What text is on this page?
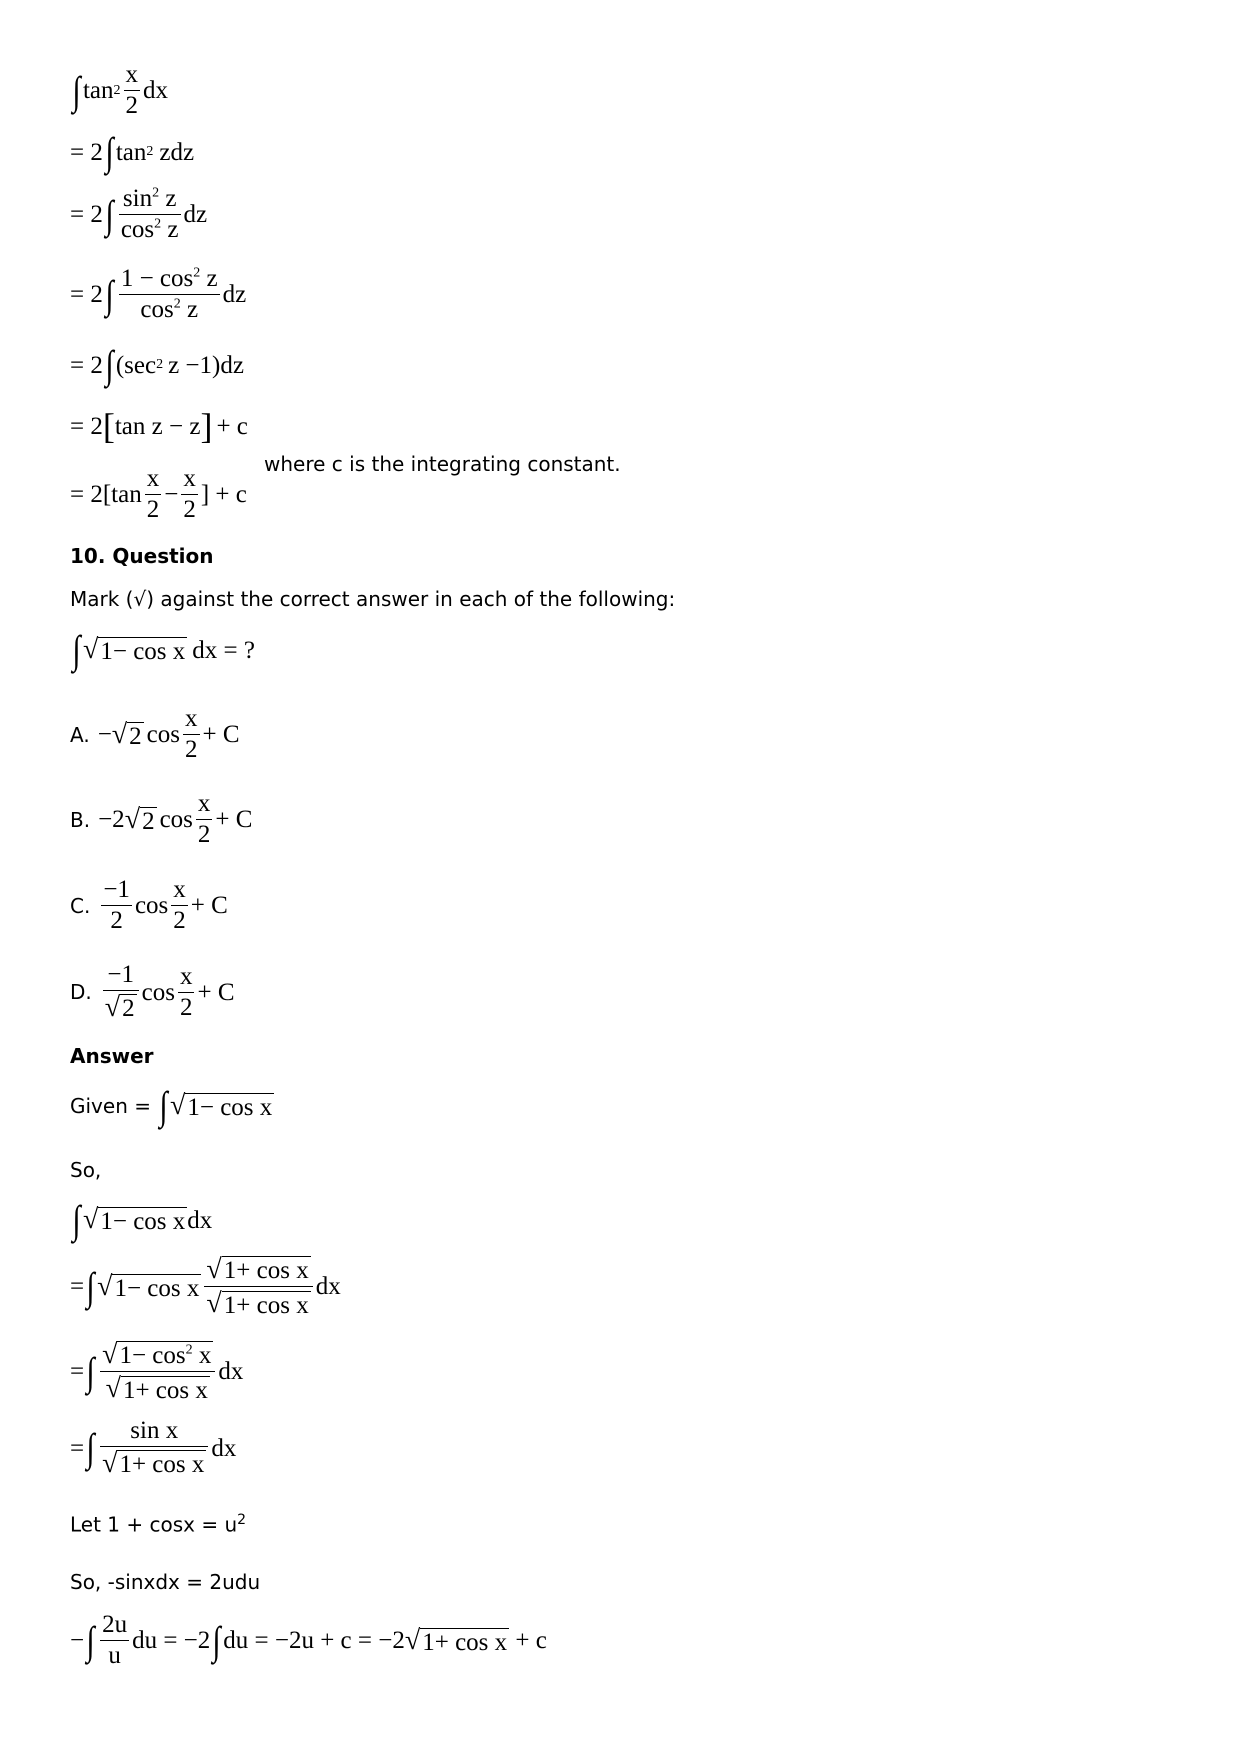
∫ $\tan 2 \frac{x}{2}$ dx
= 2 ∫ tan 2 zdz
= 2 ∫ $\frac{\sin^2 z}{\cos^2 z}$ dz
= 2 ∫ $\frac{1 - \cos^2 z}{\cos^2 z}$ dz
= 2 ∫ (sec 2 z −1)dz
= 2 [ tan z − z ] + c
= $2[\tan \frac{x}{2} - \frac{x}{2}$ ] + c
where c is the integrating constant.
10. Question
Mark (√) against the correct answer in each of the following:
∫ √ 1− cos x dx = ?
A. − √ 2 $\cos \frac{x}{2} + C$
B. −2 √ 2 $\cos \frac{x}{2} + C$
C. $\frac{-1}{2}$ $\cos \frac{x}{2} + C$
D. $\frac{-1}{√ 2}$ $\cos \frac{x}{2} + C$
Answer
Given = ∫ √ 1− cos x
So,
∫ √ 1− cos x dx
= ∫ √ 1− cos x $\frac{\text{√ 1+ cos x}}{\text{√ 1+ cos x}}$ dx
= ∫ $\frac{√ 1- \cos^2 x}{\text{√ 1+ cos x}}$ dx
= ∫ $\frac{\text{sin x}}{\text{√ 1+ cos x}}$ dx
Let $1 + \cos x = u^2$
So, -sinxdx = 2udu
− ∫ $\frac{2u}{u}$ du = −2 ∫ du = −2u + c = −2 √ 1+ cos x + c
